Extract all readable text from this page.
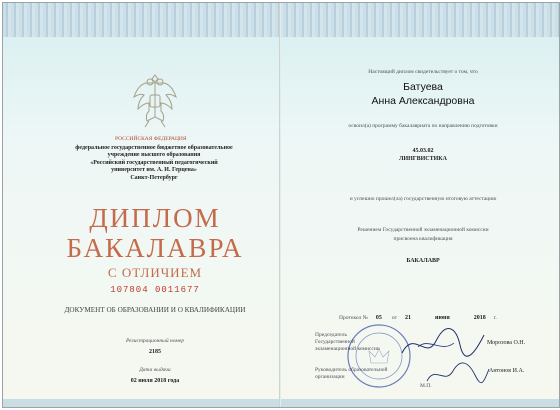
РОССИЙСКАЯ ФЕДЕРАЦИЯ
федеральное государственное бюджетное образовательное
учреждение высшего образования
«Российский государственный педагогический
университет им. А. И. Герцена»
Санкт-Петербург
ДИПЛОМ
БАКАЛАВРА
С ОТЛИЧИЕМ
107804 0011677
ДОКУМЕНТ ОБ ОБРАЗОВАНИИ И О КВАЛИФИКАЦИИ
Регистрационный номер
2185
Дата выдачи
02 июля 2018 года
Настоящий диплом свидетельствует о том, что
Батуева
Анна Александровна
освоил(а) программу бакалавриата по направлению подготовки
45.03.02
ЛИНГВИСТИКА
и успешно прошел(ла) государственную итоговую аттестацию
Решением Государственной экзаменационной комиссии
присвоена квалификация
БАКАЛАВР
Протокол № 05 от 21	июня	2018 г.
Председатель
Государственной
экзаменационной комиссии
Морозова О.Н.
Руководитель образовательной
организации
Антонов И.А.
М.П.
